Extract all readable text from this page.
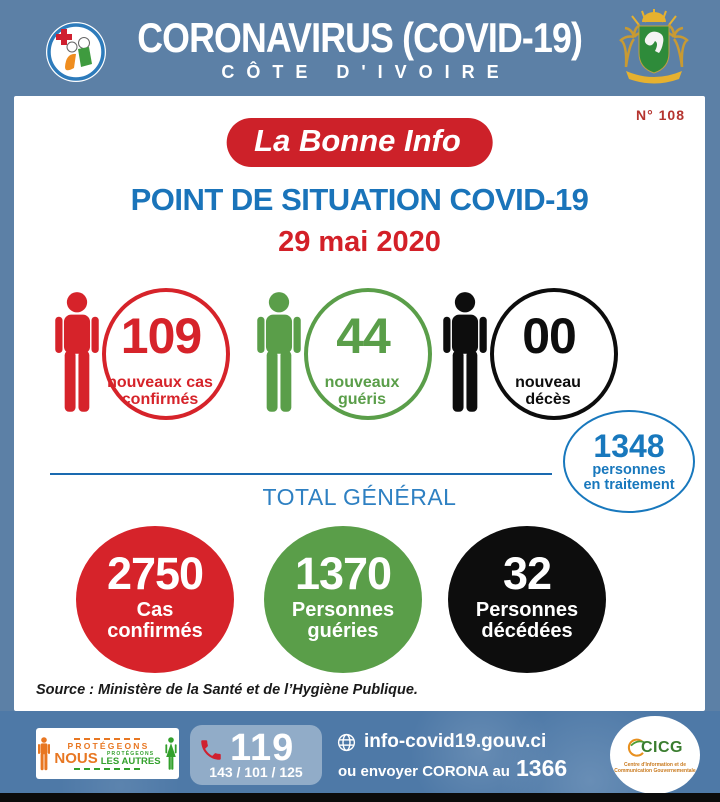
CORONAVIRUS (COVID-19)
CÔTE D'IVOIRE
N° 108
La Bonne Info
POINT DE SITUATION COVID-19
29 mai 2020
109
nouveaux cas
confirmés
44
nouveaux
guéris
00
nouveau
décès
1348
personnes
en traitement
TOTAL GÉNÉRAL
2750
Cas
confirmés
1370
Personnes
guéries
32
Personnes
décédées
Source : Ministère de la Santé et de l’Hygiène Publique.
PROTÉGEONS
NOUS PROTÉGEONS
LES AUTRES 119
143 / 101 / 125
info-covid19.gouv.ci
ou envoyer CORONA au 1366
CICG
Centre d'Information et de
Communication Gouvernementale
